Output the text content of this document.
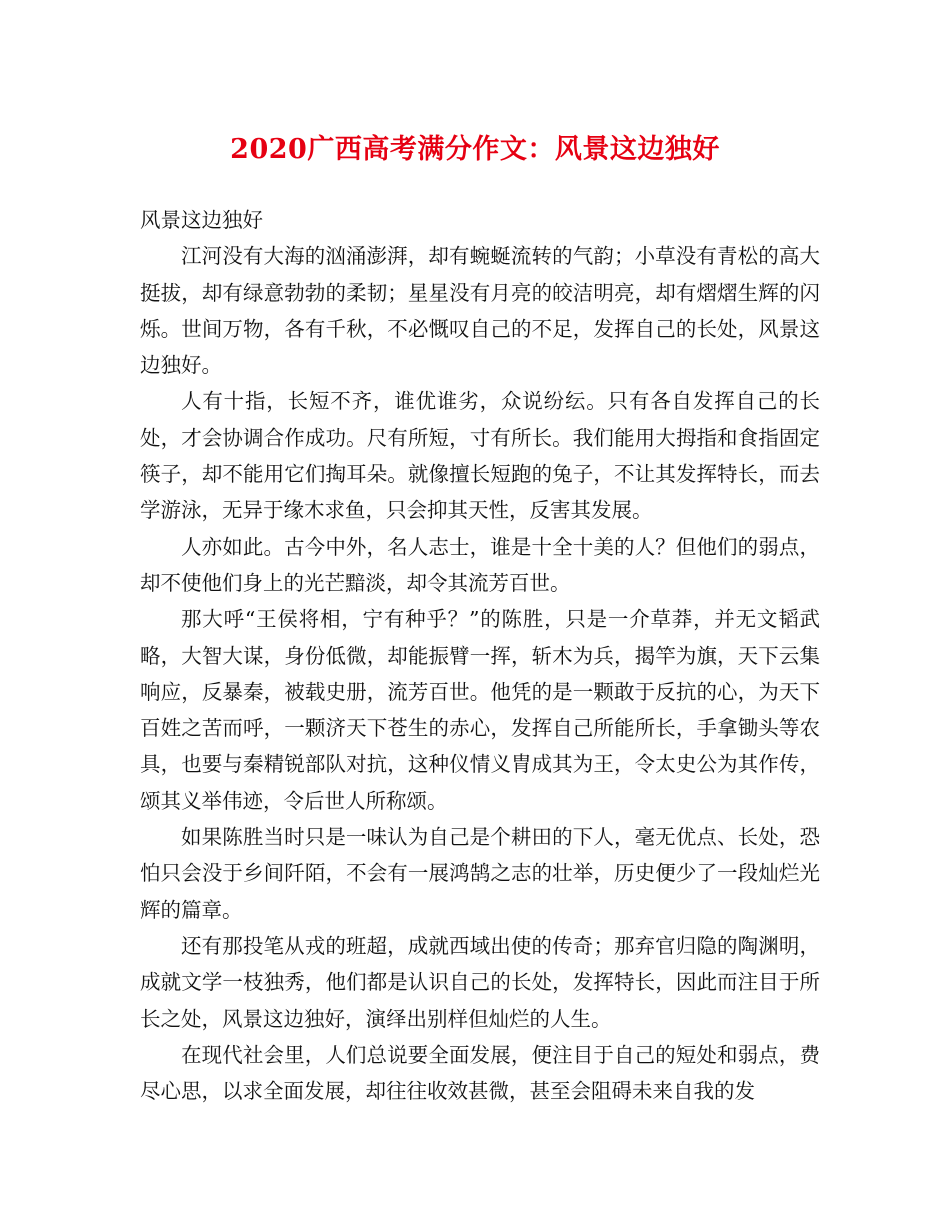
2020广西高考满分作文：风景这边独好

风景这边独好

江河没有大海的汹涌澎湃，却有蜿蜒流转的气韵；小草没有青松的高大挺拔，却有绿意勃勃的柔韧；星星没有月亮的皎洁明亮，却有熠熠生辉的闪烁。世间万物，各有千秋，不必慨叹自己的不足，发挥自己的长处，风景这边独好。

人有十指，长短不齐，谁优谁劣，众说纷纭。只有各自发挥自己的长处，才会协调合作成功。尺有所短，寸有所长。我们能用大拇指和食指固定筷子，却不能用它们掏耳朵。就像擅长短跑的兔子，不让其发挥特长，而去学游泳，无异于缘木求鱼，只会抑其天性，反害其发展。

人亦如此。古今中外，名人志士，谁是十全十美的人？但他们的弱点，却不使他们身上的光芒黯淡，却令其流芳百世。

那大呼“王侯将相，宁有种乎？”的陈胜，只是一介草莽，并无文韬武略，大智大谋，身份低微，却能振臂一挥，斩木为兵，揭竿为旗，天下云集响应，反暴秦，被载史册，流芳百世。他凭的是一颗敢于反抗的心，为天下百姓之苦而呼，一颗济天下苍生的赤心，发挥自己所能所长，手拿锄头等农具，也要与秦精锐部队对抗，这种仪情义胄成其为王，令太史公为其作传，颂其义举伟迹，令后世人所称颂。

如果陈胜当时只是一味认为自己是个耕田的下人，毫无优点、长处，恐怕只会没于乡间阡陌，不会有一展鸿鹄之志的壮举，历史便少了一段灿烂光辉的篇章。

还有那投笔从戎的班超，成就西域出使的传奇；那弃官归隐的陶渊明，成就文学一枝独秀，他们都是认识自己的长处，发挥特长，因此而注目于所长之处，风景这边独好，演绎出别样但灿烂的人生。

在现代社会里，人们总说要全面发展，便注目于自己的短处和弱点，费尽心思，以求全面发展，却往往收效甚微，甚至会阻碍未来自我的发
